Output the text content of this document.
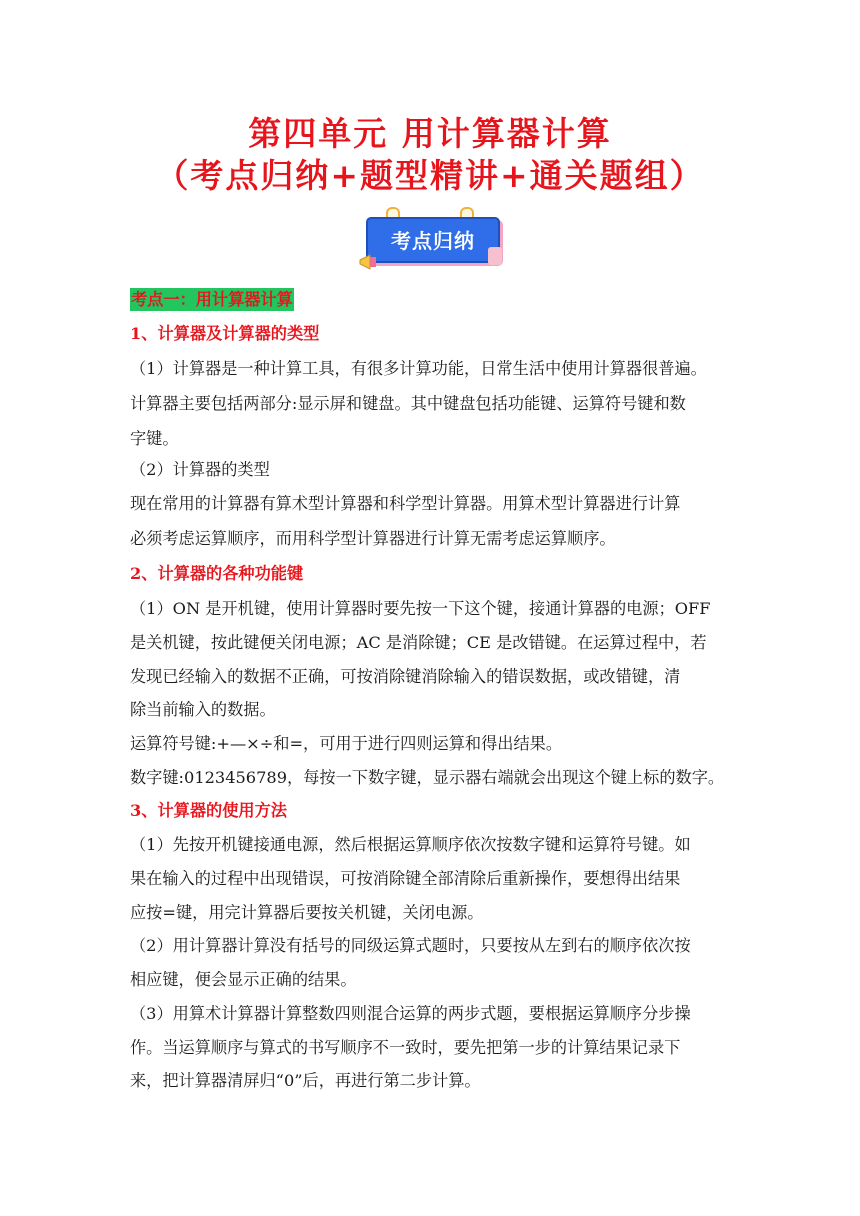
第四单元 用计算器计算
（考点归纳+题型精讲+通关题组）
考点归纳
考点一：用计算器计算
1、计算器及计算器的类型
（1）计算器是一种计算工具，有很多计算功能，日常生活中使用计算器很普遍。
计算器主要包括两部分:显示屏和键盘。其中键盘包括功能键、运算符号键和数
字键。
（2）计算器的类型
现在常用的计算器有算术型计算器和科学型计算器。用算术型计算器进行计算
必须考虑运算顺序，而用科学型计算器进行计算无需考虑运算顺序。
2、计算器的各种功能键
（1）ON 是开机键，使用计算器时要先按一下这个键，接通计算器的电源；OFF
是关机键，按此键便关闭电源；AC 是消除键；CE 是改错键。在运算过程中，若
发现已经输入的数据不正确，可按消除键消除输入的错误数据，或改错键，清
除当前输入的数据。
运算符号键:+—×÷和=，可用于进行四则运算和得出结果。
数字键:0123456789，每按一下数字键，显示器右端就会出现这个键上标的数字。
3、计算器的使用方法
（1）先按开机键接通电源，然后根据运算顺序依次按数字键和运算符号键。如
果在输入的过程中出现错误，可按消除键全部清除后重新操作，要想得出结果
应按=键，用完计算器后要按关机键，关闭电源。
（2）用计算器计算没有括号的同级运算式题时，只要按从左到右的顺序依次按
相应键，便会显示正确的结果。
（3）用算术计算器计算整数四则混合运算的两步式题，要根据运算顺序分步操
作。当运算顺序与算式的书写顺序不一致时，要先把第一步的计算结果记录下
来，把计算器清屏归“0”后，再进行第二步计算。
